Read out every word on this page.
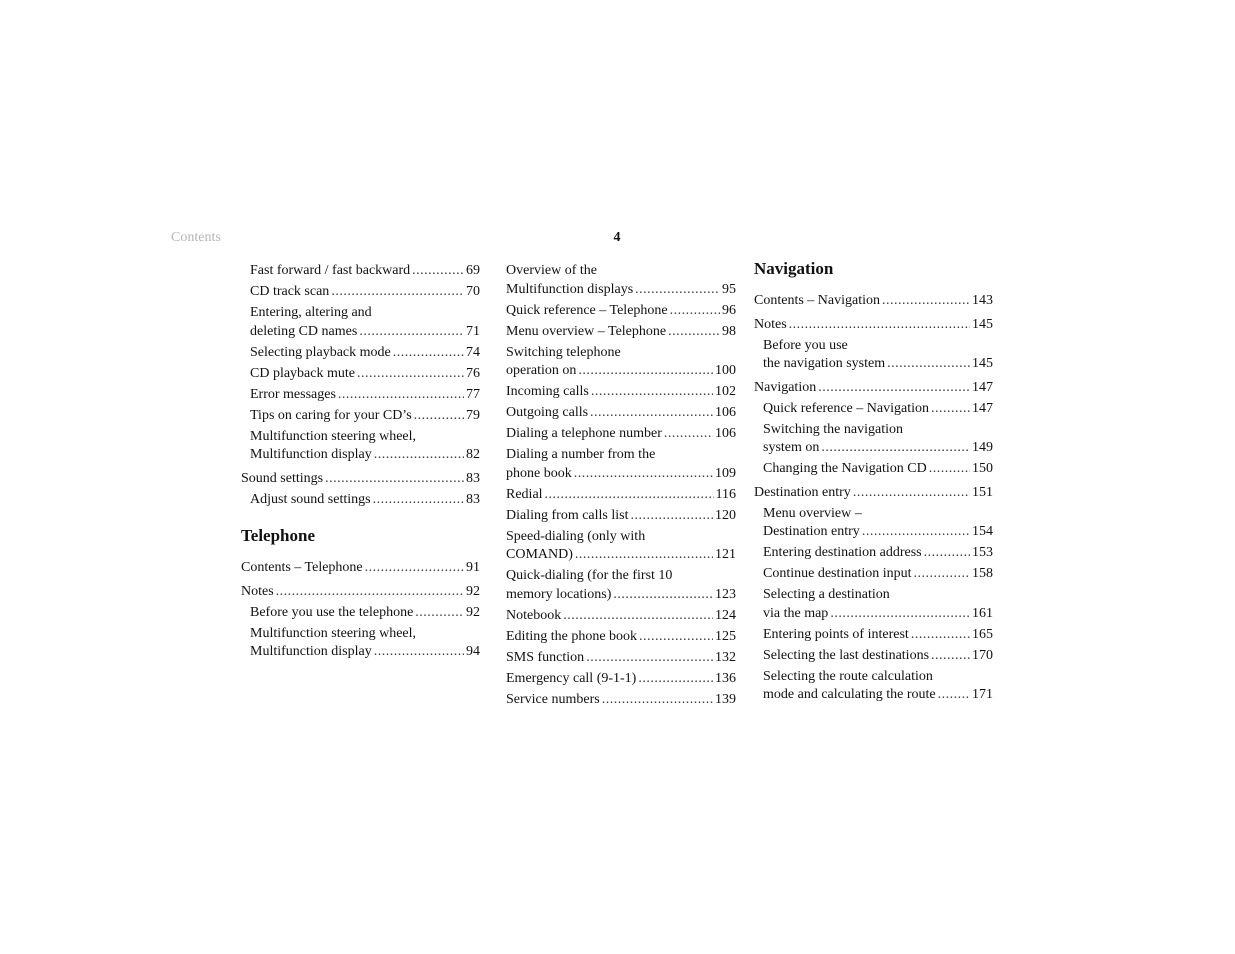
Contents	4
Fast forward / fast backward .....	69
CD track scan .....	70
Entering, altering and
deleting CD names .....	71
Selecting playback mode .....	74
CD playback mute .....	76
Error messages .....	77
Tips on caring for your CD’s .....	79
Multifunction steering wheel,
Multifunction display .....	82
Sound settings .....	83
Adjust sound settings .....	83
Telephone
Contents – Telephone .....	91
Notes .....	92
Before you use the telephone .....	92
Multifunction steering wheel,
Multifunction display .....	94
Overview of the
Multifunction displays .....	95
Quick reference – Telephone .....	96
Menu overview – Telephone .....	98
Switching telephone
operation on .....	100
Incoming calls .....	102
Outgoing calls .....	106
Dialing a telephone number .....	106
Dialing a number from the
phone book .....	109
Redial .....	116
Dialing from calls list .....	120
Speed-dialing (only with
COMAND) .....	121
Quick-dialing (for the first 10
memory locations) .....	123
Notebook .....	124
Editing the phone book .....	125
SMS function .....	132
Emergency call (9-1-1) .....	136
Service numbers .....	139
Navigation
Contents – Navigation .....	143
Notes .....	145
Before you use
the navigation system .....	145
Navigation .....	147
Quick reference – Navigation .....	147
Switching the navigation
system on .....	149
Changing the Navigation CD .....	150
Destination entry .....	151
Menu overview –
Destination entry .....	154
Entering destination address .....	153
Continue destination input .....	158
Selecting a destination
via the map .....	161
Entering points of interest .....	165
Selecting the last destinations .....	170
Selecting the route calculation
mode and calculating the route .....	171
